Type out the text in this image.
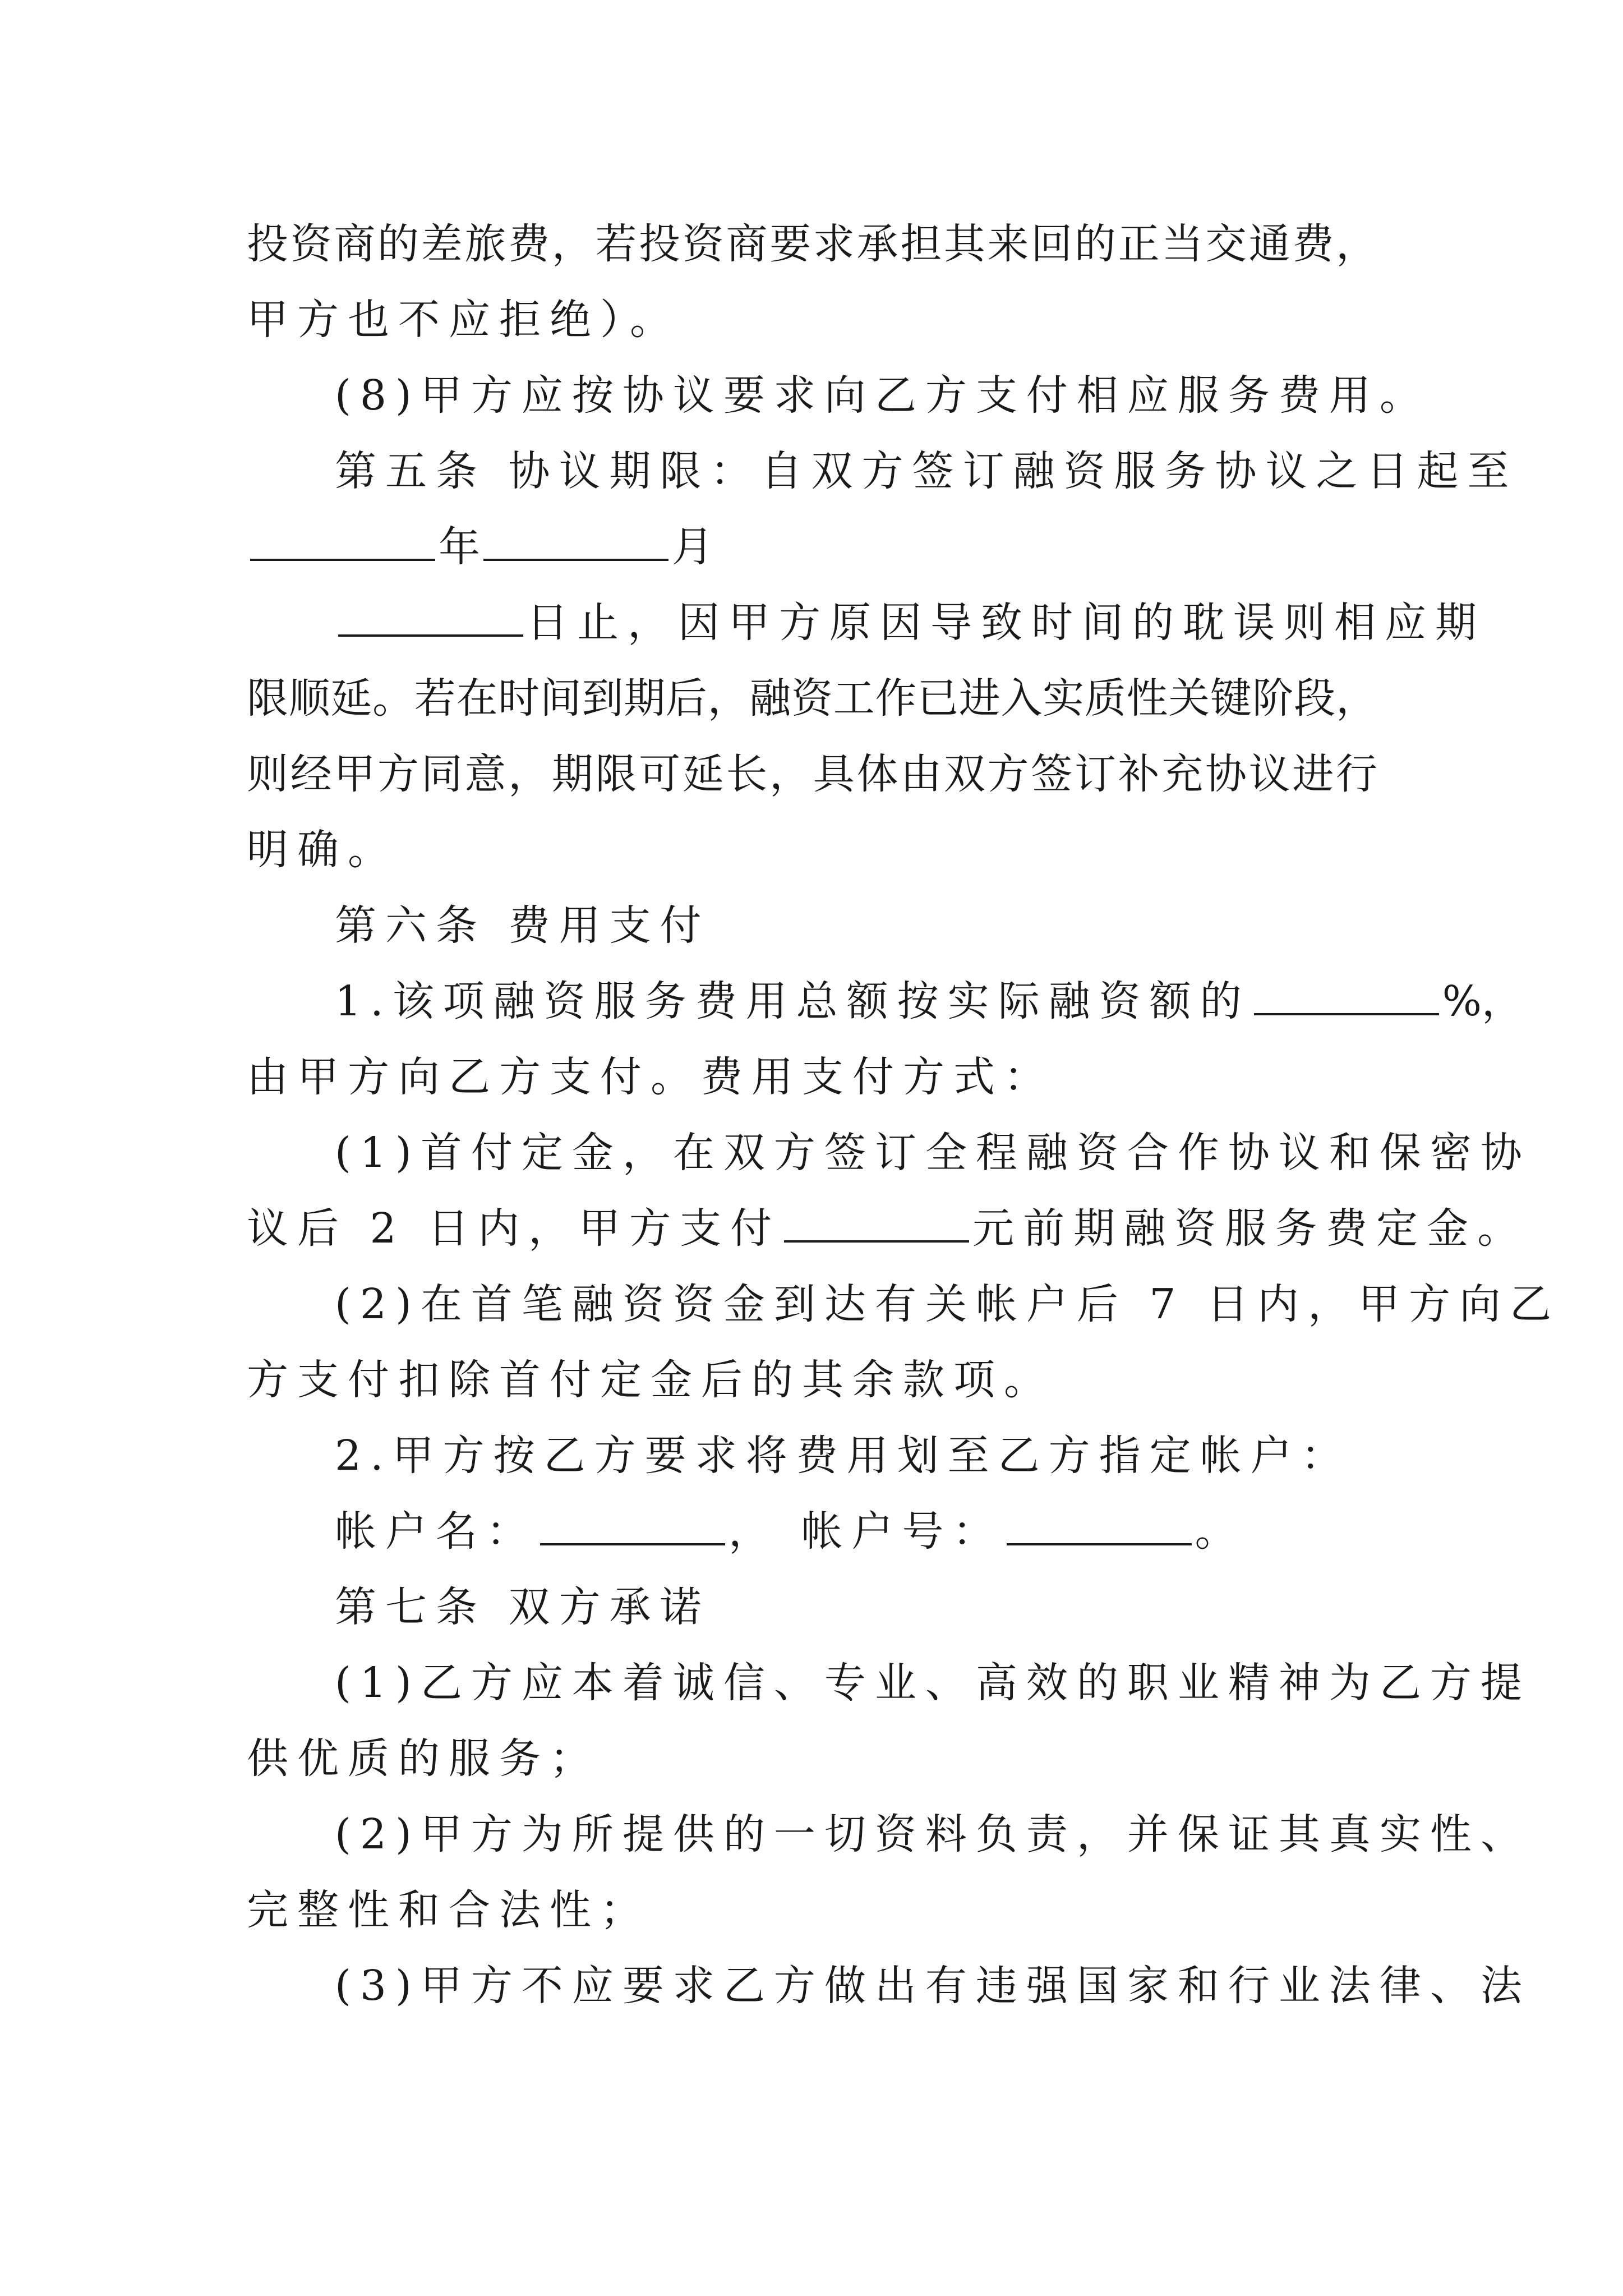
投资商的差旅费，若投资商要求承担其来回的正当交通费，
甲方也不应拒绝）。
(8)甲方应按协议要求向乙方支付相应服务费用。
第五条 协议期限：自双方签订融资服务协议之日起至
年	月
日止，因甲方原因导致时间的耽误则相应期
限顺延。若在时间到期后，融资工作已进入实质性关键阶段，
则经甲方同意，期限可延长，具体由双方签订补充协议进行
明确。
第六条 费用支付
1.该项融资服务费用总额按实际融资额的	%，
由甲方向乙方支付。费用支付方式：
(1)首付定金，在双方签订全程融资合作协议和保密协
议后 2 日内，甲方支付	元前期融资服务费定金。
(2)在首笔融资资金到达有关帐户后 7 日内，甲方向乙
方支付扣除首付定金后的其余款项。
2.甲方按乙方要求将费用划至乙方指定帐户：
帐户名：	， 帐户号：	。
第七条 双方承诺
(1)乙方应本着诚信、专业、高效的职业精神为乙方提
供优质的服务；
(2)甲方为所提供的一切资料负责，并保证其真实性、
完整性和合法性；
(3)甲方不应要求乙方做出有违强国家和行业法律、法
